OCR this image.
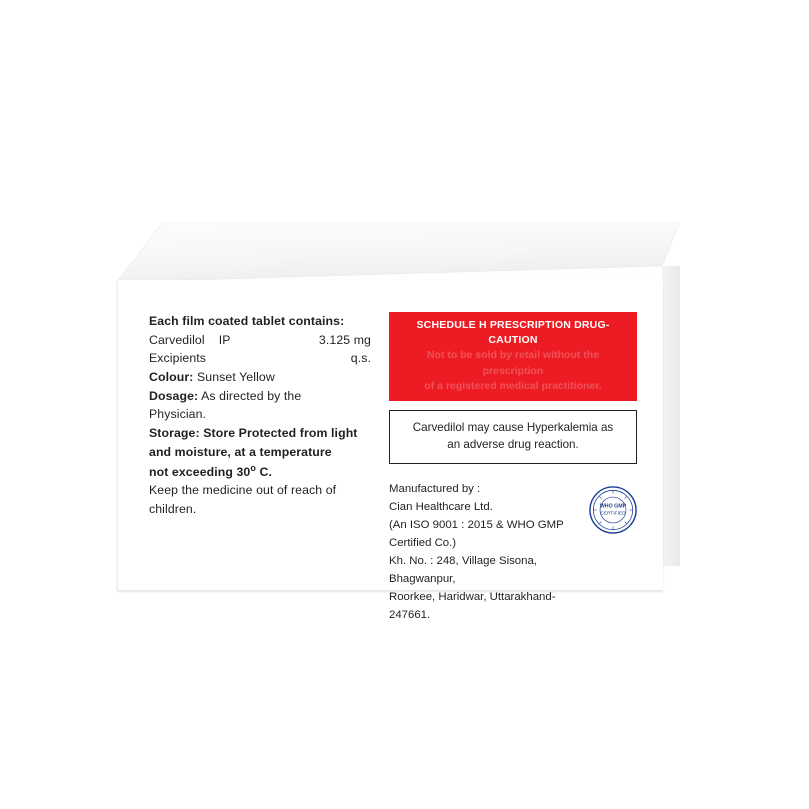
Each film coated tablet contains:
Carvedilol IP	3.125 mg
Excipients	q.s.
Colour: Sunset Yellow
Dosage: As directed by the
Physician.
Storage: Store Protected from light
and moisture, at a temperature
not exceeding 30$^o$ C.
Keep the medicine out of reach of
children.
SCHEDULE H PRESCRIPTION DRUG-CAUTION
Not to be sold by retail without the prescription
of a registered medical practitioner.
Carvedilol may cause Hyperkalemia as
an adverse drug reaction.
Manufactured by :
Cian Healthcare Ltd.
(An ISO 9001 : 2015 & WHO GMP Certified Co.)
Kh. No. : 248, Village Sisona, Bhagwanpur,
Roorkee, Haridwar, Uttarakhand-247661.
WHO GMP
CERTIFIED
